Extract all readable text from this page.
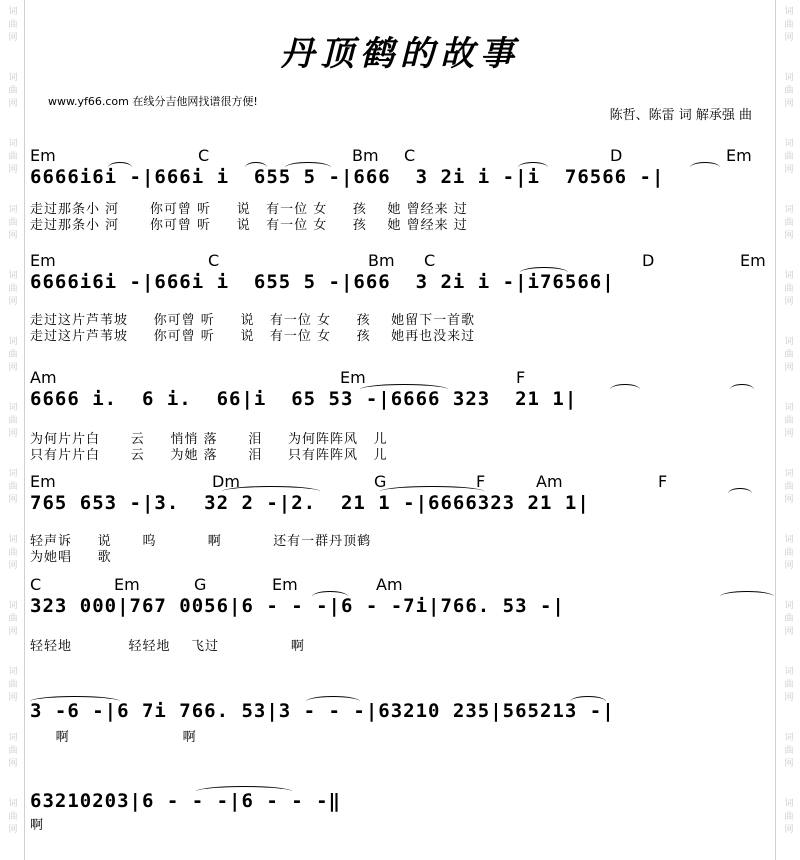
词曲网
词曲网
词曲网
词曲网
词曲网
词曲网
词曲网
词曲网
词曲网
词曲网
词曲网
词曲网
词曲网
词曲网
词曲网
词曲网
词曲网
词曲网
词曲网
词曲网
词曲网
词曲网
词曲网
词曲网
词曲网
词曲网
丹顶鹤的故事
www.yf66.com 在线分吉他网找谱很方便!
陈哲、陈雷 词 解承强 曲
Em	C	Bm C	D	Em
6666i6i -|666i i  655 5 -|666  3 2i i -|i  76566 -|
走过那条小 河      你可曾 听     说   有一位 女     孩    她 曾经来 过
走过那条小 河      你可曾 听     说   有一位 女     孩    她 曾经来 过
Em	C	Bm C	D	Em
6666i6i -|666i i  655 5 -|666  3 2i i -|i76566|
走过这片芦苇坡     你可曾 听     说   有一位 女     孩    她留下一首歌
走过这片芦苇坡     你可曾 听     说   有一位 女     孩    她再也没来过
Am	Em	F
6666 i.  6 i.  66|i  65 53 -|6666 323  21 1|
为何片片白      云     悄悄 落      泪     为何阵阵风   儿
只有片片白      云     为她 落      泪     只有阵阵风   儿
Em	Dm	G	F	Am	F
765 653 -|3.  32 2 -|2.  21 1 -|6666323 21 1|
轻声诉     说      呜          啊          还有一群丹顶鹤
为她唱     歌
C	Em	G	Em	Am
323 000|767 0056|6 - - -|6 - -7i|766. 53 -|
轻轻地           轻轻地    飞过              啊
3 -6 -|6 7i 766. 53|3 - - -|63210 235|565213 -|
啊                      啊
63210203|6 - - -|6 - - -‖
啊
